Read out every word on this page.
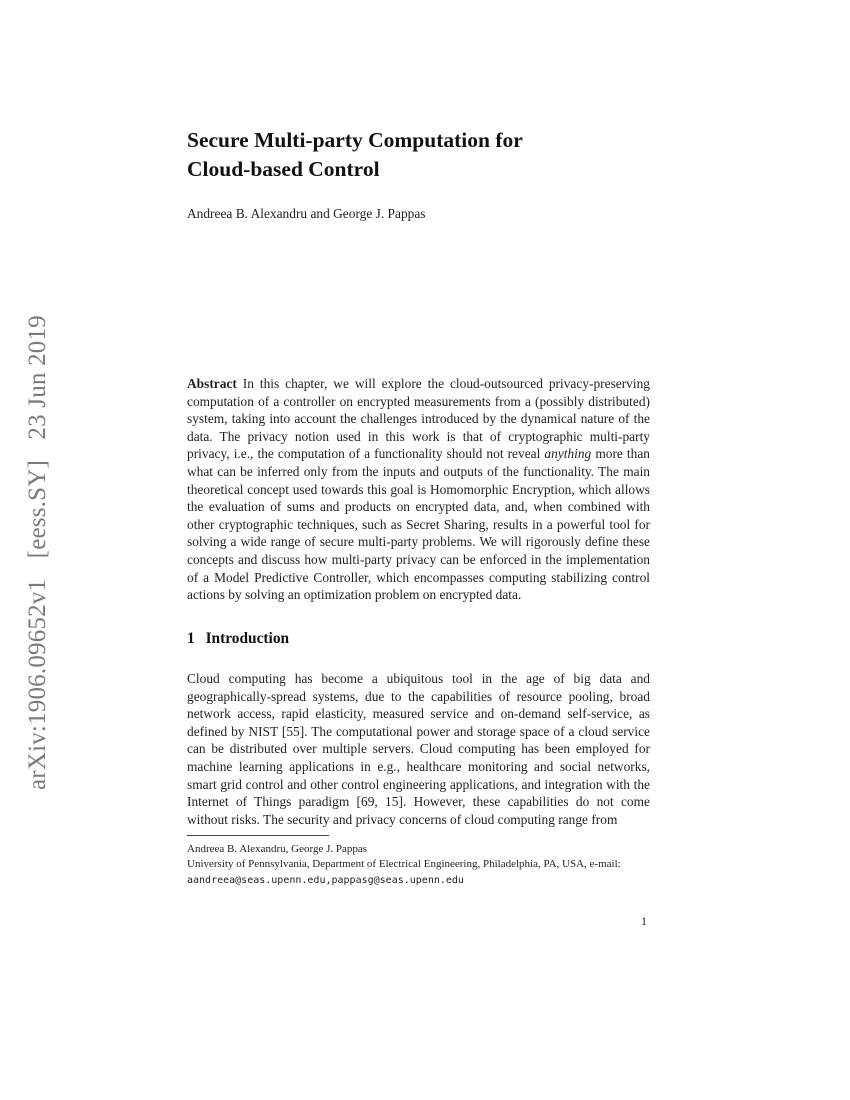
arXiv:1906.09652v1 [eess.SY] 23 Jun 2019
Secure Multi-party Computation for
Cloud-based Control
Andreea B. Alexandru and George J. Pappas
Abstract In this chapter, we will explore the cloud-outsourced privacy-preserving computation of a controller on encrypted measurements from a (possibly distributed) system, taking into account the challenges introduced by the dynamical nature of the data. The privacy notion used in this work is that of cryptographic multi-party privacy, i.e., the computation of a functionality should not reveal anything more than what can be inferred only from the inputs and outputs of the functionality. The main theoretical concept used towards this goal is Homomorphic Encryption, which allows the evaluation of sums and products on encrypted data, and, when combined with other cryptographic techniques, such as Secret Sharing, results in a powerful tool for solving a wide range of secure multi-party problems. We will rigorously define these concepts and discuss how multi-party privacy can be enforced in the implementation of a Model Predictive Controller, which encompasses computing stabilizing control actions by solving an optimization problem on encrypted data.
1 Introduction
Cloud computing has become a ubiquitous tool in the age of big data and geographically-spread systems, due to the capabilities of resource pooling, broad network access, rapid elasticity, measured service and on-demand self-service, as defined by NIST [55]. The computational power and storage space of a cloud service can be distributed over multiple servers. Cloud computing has been employed for machine learning applications in e.g., healthcare monitoring and social networks, smart grid control and other control engineering applications, and integration with the Internet of Things paradigm [69, 15]. However, these capabilities do not come without risks. The security and privacy concerns of cloud computing range from
Andreea B. Alexandru, George J. Pappas
University of Pennsylvania, Department of Electrical Engineering, Philadelphia, PA, USA, e-mail:
aandreea@seas.upenn.edu,pappasg@seas.upenn.edu
1
